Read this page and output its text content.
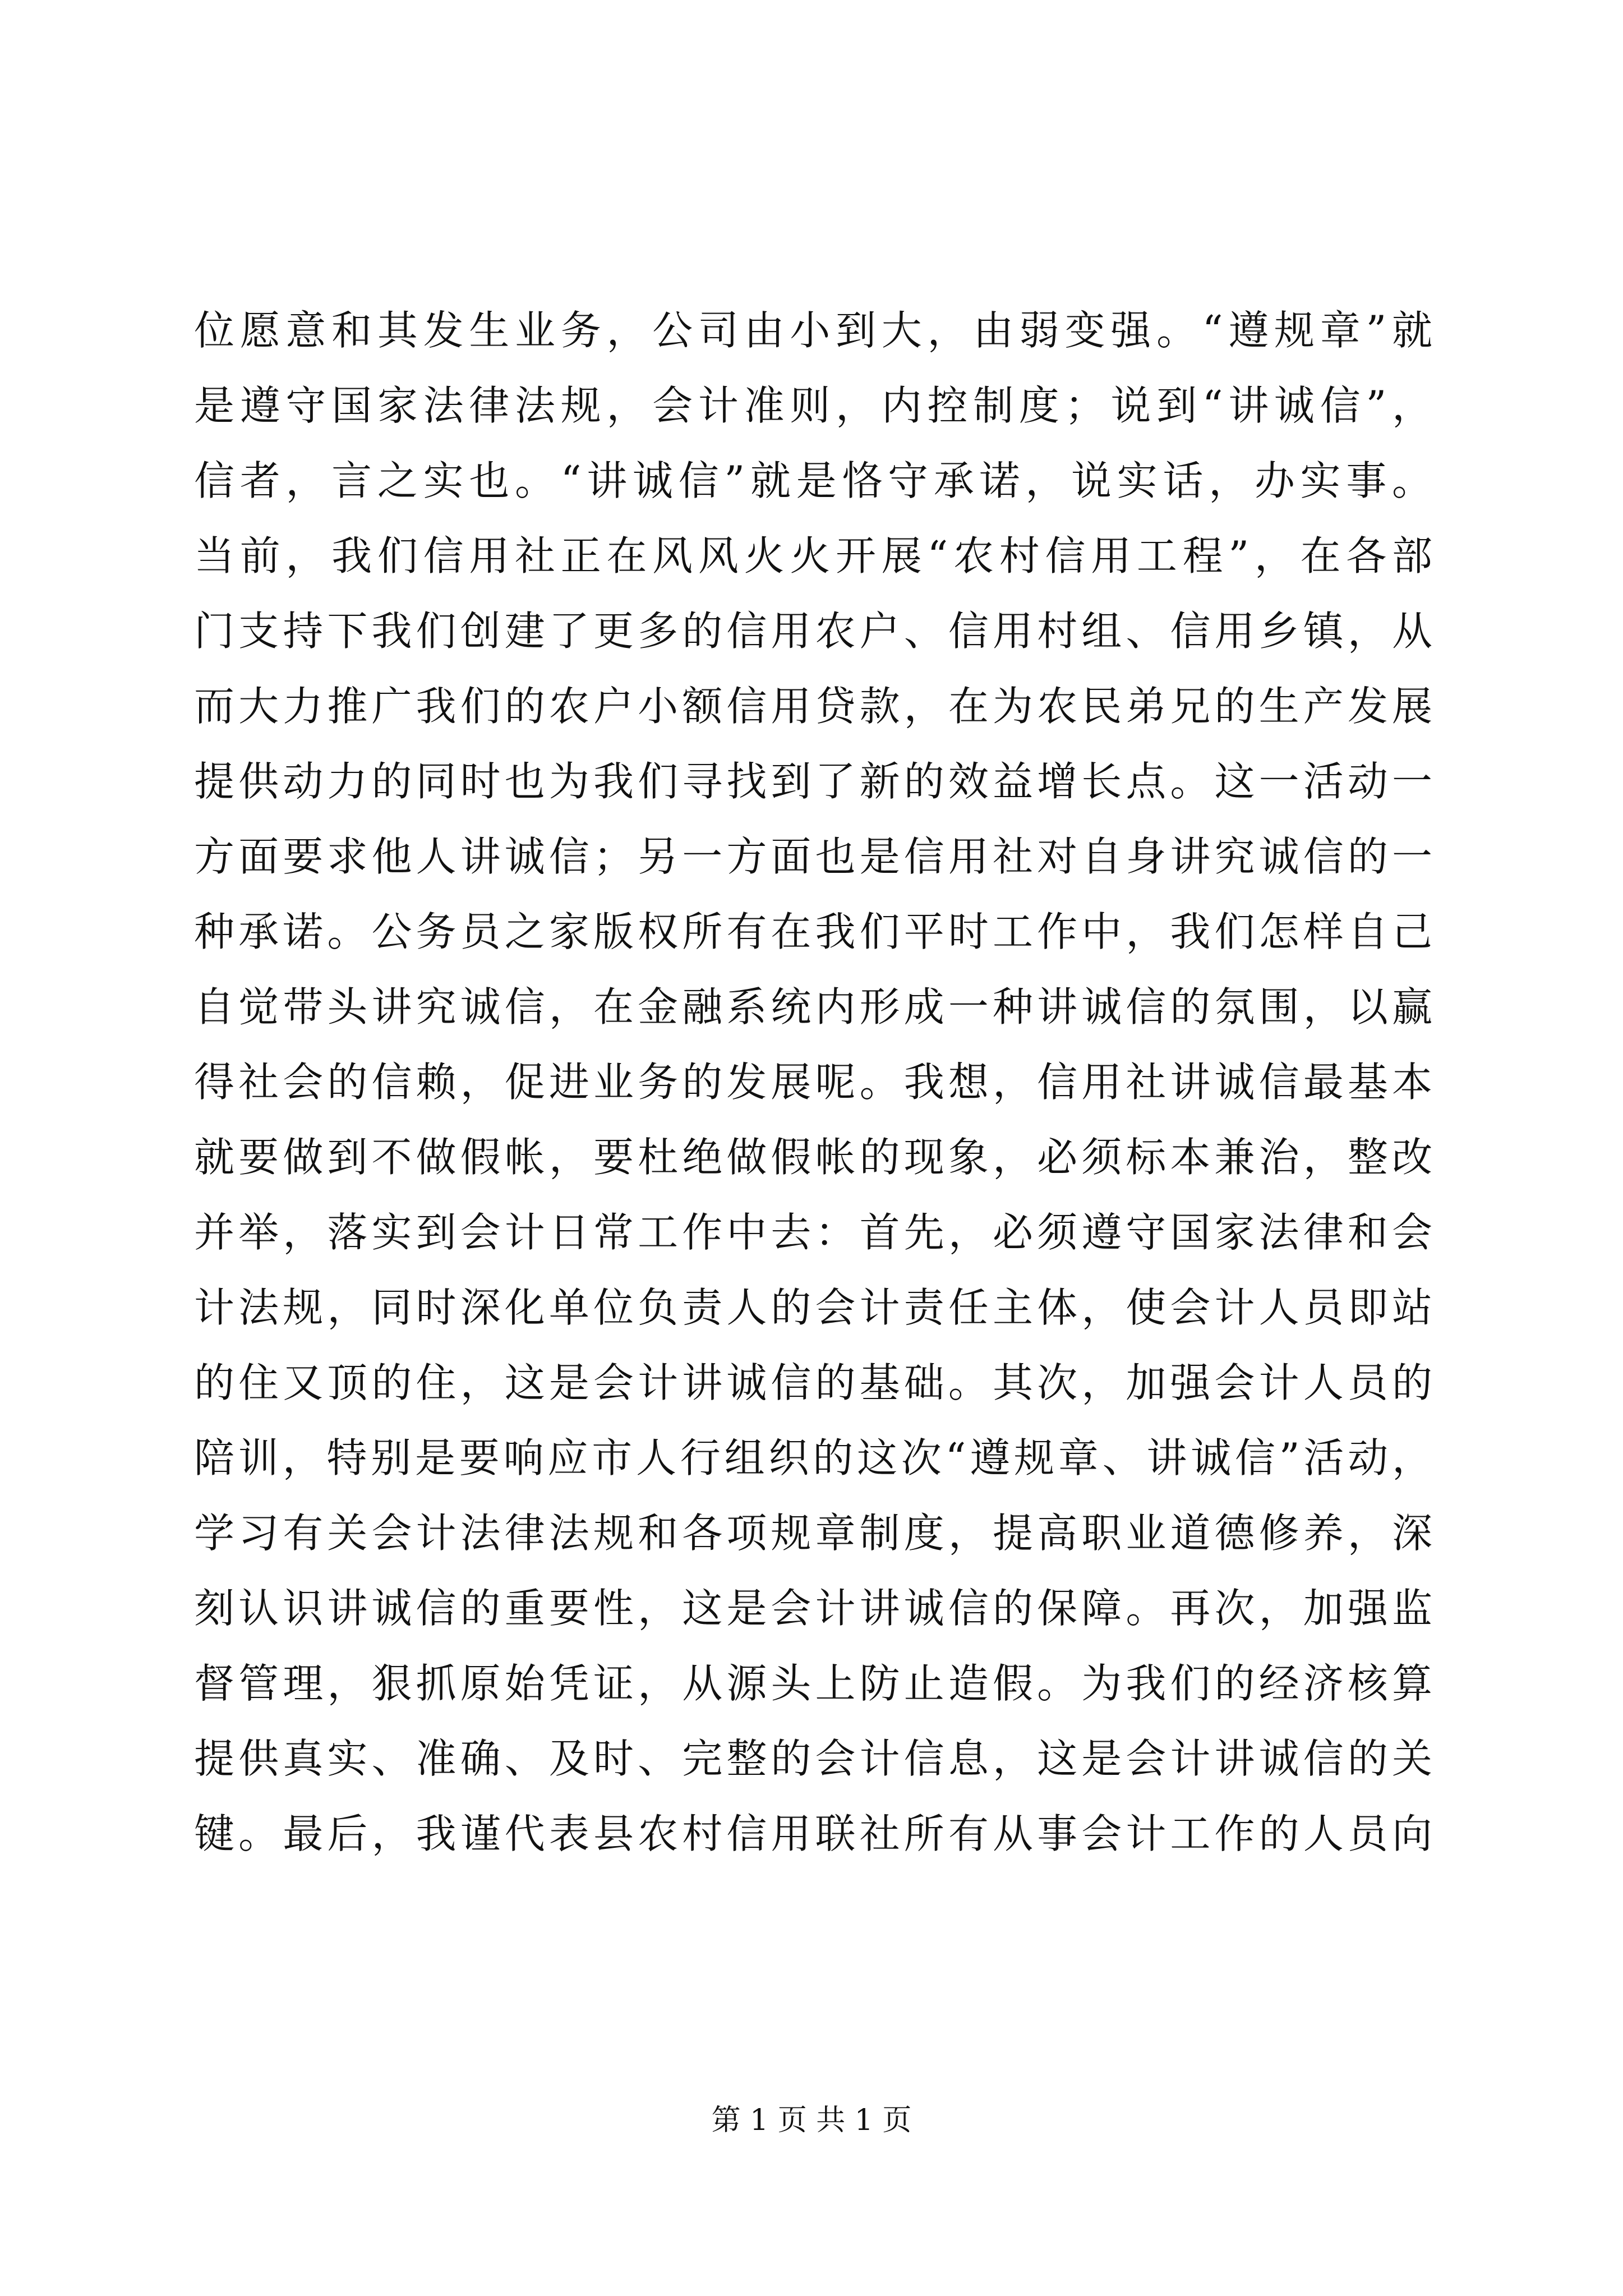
位愿意和其发生业务，公司由小到大，由弱变强。“遵规章”就
是遵守国家法律法规，会计准则，内控制度；说到“讲诚信”，
信者，言之实也。“讲诚信”就是恪守承诺，说实话，办实事。
当前，我们信用社正在风风火火开展“农村信用工程”，在各部
门支持下我们创建了更多的信用农户、信用村组、信用乡镇，从
而大力推广我们的农户小额信用贷款，在为农民弟兄的生产发展
提供动力的同时也为我们寻找到了新的效益增长点。这一活动一
方面要求他人讲诚信；另一方面也是信用社对自身讲究诚信的一
种承诺。公务员之家版权所有在我们平时工作中，我们怎样自己
自觉带头讲究诚信，在金融系统内形成一种讲诚信的氛围，以赢
得社会的信赖，促进业务的发展呢。我想，信用社讲诚信最基本
就要做到不做假帐，要杜绝做假帐的现象，必须标本兼治，整改
并举，落实到会计日常工作中去：首先，必须遵守国家法律和会
计法规，同时深化单位负责人的会计责任主体，使会计人员即站
的住又顶的住，这是会计讲诚信的基础。其次，加强会计人员的
陪训，特别是要响应市人行组织的这次“遵规章、讲诚信”活动，
学习有关会计法律法规和各项规章制度，提高职业道德修养，深
刻认识讲诚信的重要性，这是会计讲诚信的保障。再次，加强监
督管理，狠抓原始凭证，从源头上防止造假。为我们的经济核算
提供真实、准确、及时、完整的会计信息，这是会计讲诚信的关
键。最后，我谨代表县农村信用联社所有从事会计工作的人员向
第 1 页 共 1 页
